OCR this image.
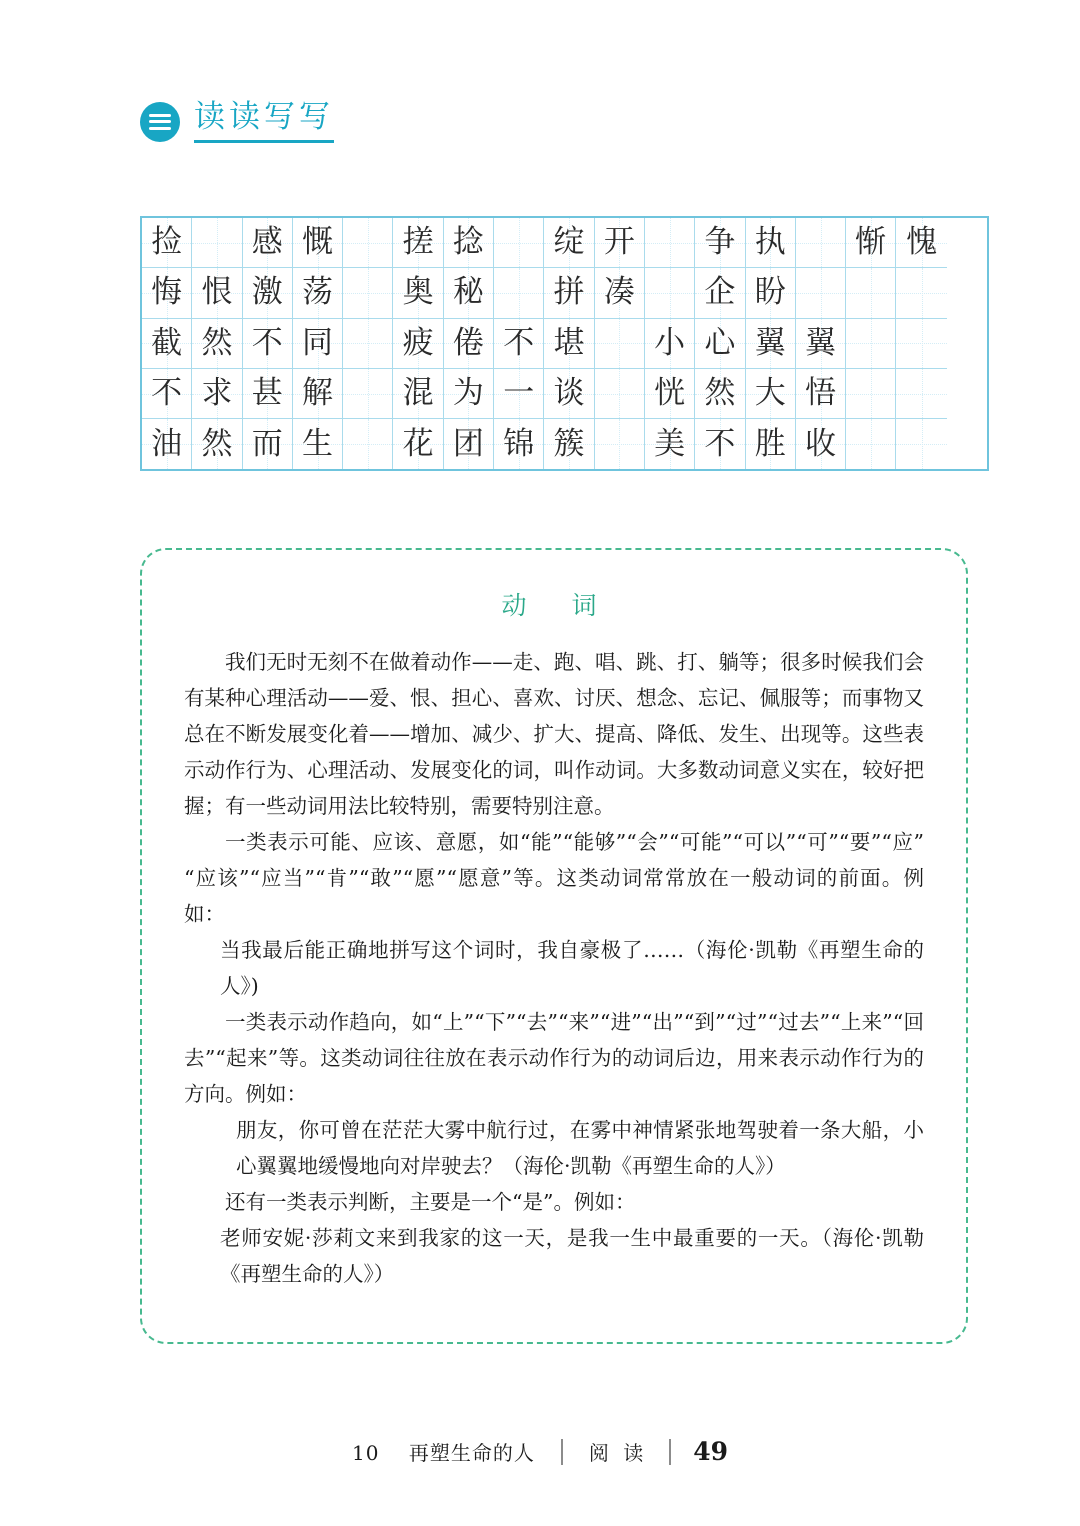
读读写写
捡 感 慨 搓 捻 绽 开 争 执 惭 愧
悔 恨 激 荡 奥 秘 拼 凑 企 盼
截 然 不 同 疲 倦 不 堪 小 心 翼 翼
不 求 甚 解 混 为 一 谈 恍 然 大 悟
油 然 而 生 花 团 锦 簇 美 不 胜 收
动　词

我们无时无刻不在做着动作——走、跑、唱、跳、打、躺等；很多时候我们会有某种心理活动——爱、恨、担心、喜欢、讨厌、想念、忘记、佩服等；而事物又总在不断发展变化着——增加、减少、扩大、提高、降低、发生、出现等。这些表示动作行为、心理活动、发展变化的词，叫作动词。大多数动词意义实在，较好把握；有一些动词用法比较特别，需要特别注意。

一类表示可能、应该、意愿，如“能”“能够”“会”“可能”“可以”“可”“要”“应”“应该”“应当”“肯”“敢”“愿”“愿意”等。这类动词常常放在一般动词的前面。例如：

当我最后能正确地拼写这个词时，我自豪极了……（海伦·凯勒《再塑生命的人》)

一类表示动作趋向，如“上”“下”“去”“来”“进”“出”“到”“过”“过去”“上来”“回去”“起来”等。这类动词往往放在表示动作行为的动词后边，用来表示动作行为的方向。例如：

朋友，你可曾在茫茫大雾中航行过，在雾中神情紧张地驾驶着一条大船，小心翼翼地缓慢地向对岸驶去？（海伦·凯勒《再塑生命的人》）

还有一类表示判断，主要是一个“是”。例如：

老师安妮·莎莉文来到我家的这一天，是我一生中最重要的一天。（海伦·凯勒《再塑生命的人》）

10 再塑生命的人	阅 读 49
